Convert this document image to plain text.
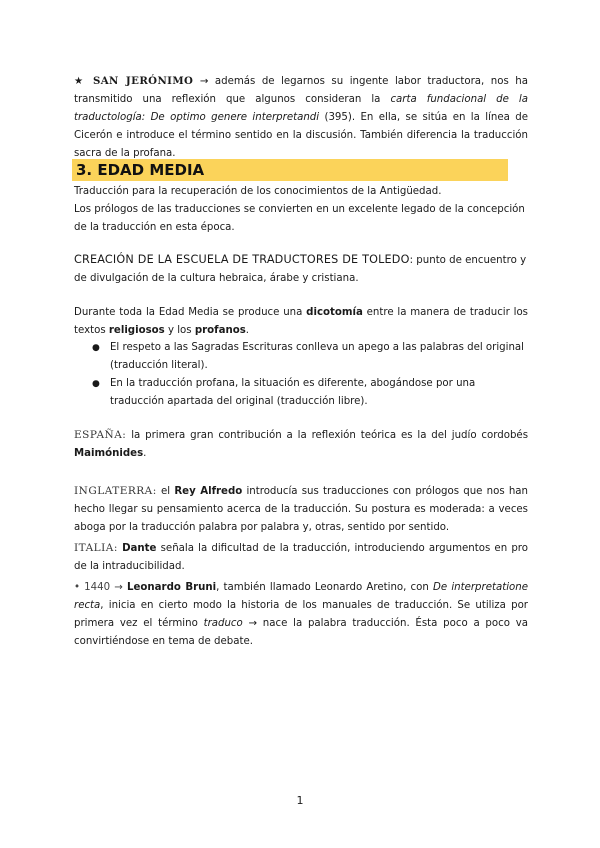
★ SAN JERÓNIMO → además de legarnos su ingente labor traductora, nos ha transmitido una reflexión que algunos consideran la carta fundacional de la traductología: De optimo genere interpretandi (395). En ella, se sitúa en la línea de Cicerón e introduce el término sentido en la discusión. También diferencia la traducción sacra de la profana.
3. EDAD MEDIA
Traducción para la recuperación de los conocimientos de la Antigüedad.
Los prólogos de las traducciones se convierten en un excelente legado de la concepción de la traducción en esta época.
CREACIÓN DE LA ESCUELA DE TRADUCTORES DE TOLEDO: punto de encuentro y de divulgación de la cultura hebraica, árabe y cristiana.
Durante toda la Edad Media se produce una dicotomía entre la manera de traducir los textos religiosos y los profanos.
● El respeto a las Sagradas Escrituras conlleva un apego a las palabras del original (traducción literal).
● En la traducción profana, la situación es diferente, abogándose por una traducción apartada del original (traducción libre).
ESPAÑA: la primera gran contribución a la reflexión teórica es la del judío cordobés Maimónides.
INGLATERRA: el Rey Alfredo introducía sus traducciones con prólogos que nos han hecho llegar su pensamiento acerca de la traducción. Su postura es moderada: a veces aboga por la traducción palabra por palabra y, otras, sentido por sentido.
ITALIA: Dante señala la dificultad de la traducción, introduciendo argumentos en pro de la intraducibilidad.
• 1440 → Leonardo Bruni, también llamado Leonardo Aretino, con De interpretatione recta, inicia en cierto modo la historia de los manuales de traducción. Se utiliza por primera vez el término traduco → nace la palabra traducción. Ésta poco a poco va convirtiéndose en tema de debate.
1
